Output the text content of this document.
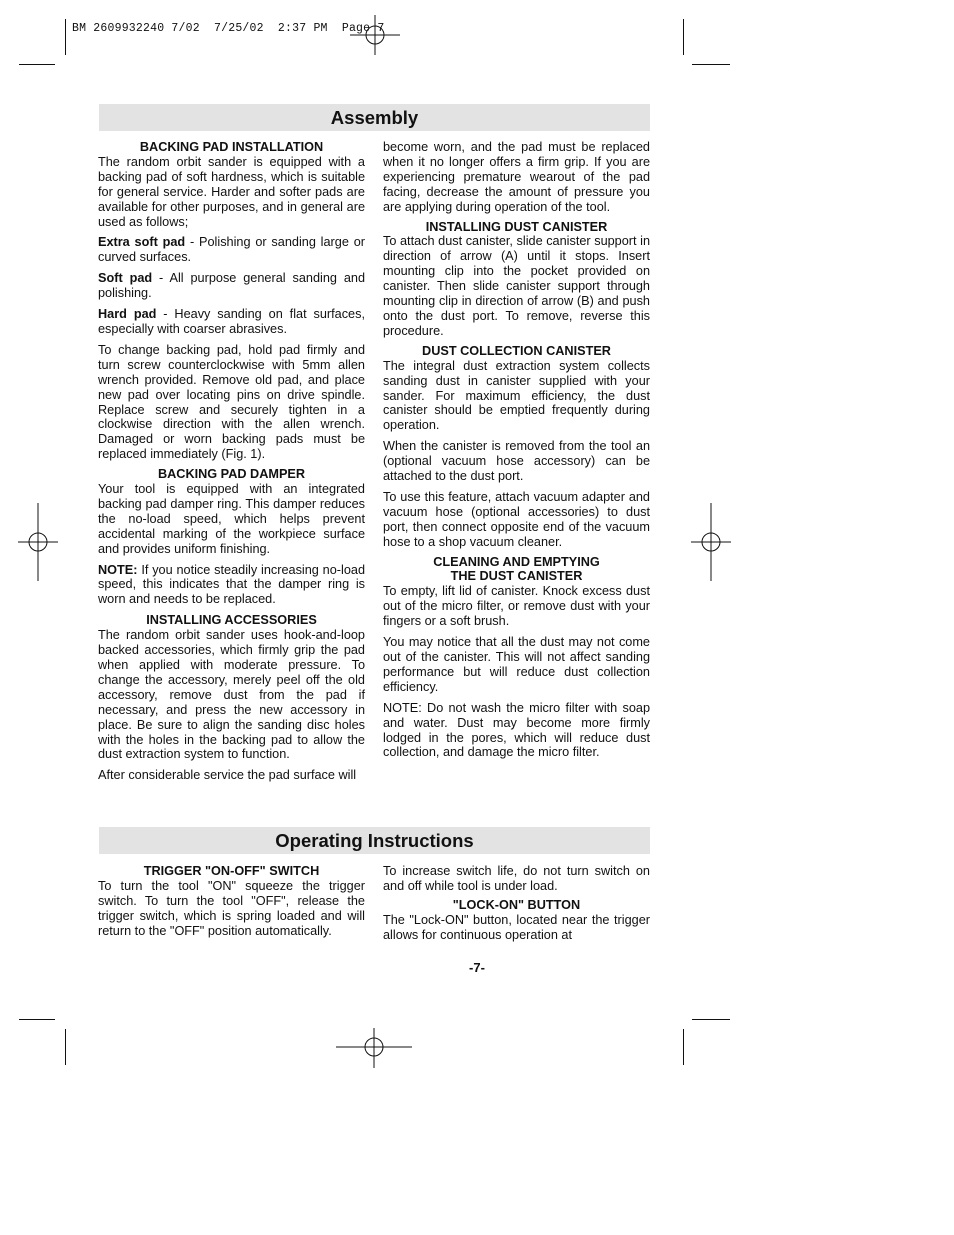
BM 2609932240 7/02  7/25/02  2:37 PM  Page 7
Assembly
BACKING PAD INSTALLATION

The random orbit sander is equipped with a backing pad of soft hardness, which is suitable for general service. Harder and softer pads are available for other purposes, and in general are used as follows;

Extra soft pad - Polishing or sanding large or curved surfaces.

Soft pad - All purpose general sanding and polishing.

Hard pad - Heavy sanding on flat surfaces, especially with coarser abrasives.

To change backing pad, hold pad firmly and turn screw counterclockwise with 5mm allen wrench provided. Remove old pad, and place new pad over locating pins on drive spindle. Replace screw and securely tighten in a clockwise direction with the allen wrench. Damaged or worn backing pads must be replaced immediately (Fig. 1).

BACKING PAD DAMPER

Your tool is equipped with an integrated backing pad damper ring. This damper reduces the no-load speed, which helps prevent accidental marking of the workpiece surface and provides uniform finishing.

NOTE: If you notice steadily increasing no-load speed, this indicates that the damper ring is worn and needs to be replaced.

INSTALLING ACCESSORIES

The random orbit sander uses hook-and-loop backed accessories, which firmly grip the pad when applied with moderate pressure. To change the accessory, merely peel off the old accessory, remove dust from the pad if necessary, and press the new accessory in place. Be sure to align the sanding disc holes with the holes in the backing pad to allow the dust extraction system to function.

After considerable service the pad surface will

become worn, and the pad must be replaced when it no longer offers a firm grip. If you are experiencing premature wearout of the pad facing, decrease the amount of pressure you are applying during operation of the tool.

INSTALLING DUST CANISTER

To attach dust canister, slide canister support in direction of arrow (A) until it stops. Insert mounting clip into the pocket provided on canister. Then slide canister support through mounting clip in direction of arrow (B) and push onto the dust port. To remove, reverse this procedure.

DUST COLLECTION CANISTER

The integral dust extraction system collects sanding dust in canister supplied with your sander. For maximum efficiency, the dust canister should be emptied frequently during operation.

When the canister is removed from the tool an (optional vacuum hose accessory) can be attached to the dust port.

To use this feature, attach vacuum adapter and vacuum hose (optional accessories) to dust port, then connect opposite end of the vacuum hose to a shop vacuum cleaner.

CLEANING AND EMPTYING
THE DUST CANISTER

To empty, lift lid of canister. Knock excess dust out of the micro filter, or remove dust with your fingers or a soft brush.

You may notice that all the dust may not come out of the canister. This will not affect sanding performance but will reduce dust collection efficiency.

NOTE: Do not wash the micro filter with soap and water. Dust may become more firmly lodged in the pores, which will reduce dust collection, and damage the micro filter.

Operating Instructions
TRIGGER "ON-OFF" SWITCH

To turn the tool "ON" squeeze the trigger switch. To turn the tool "OFF", release the trigger switch, which is spring loaded and will return to the "OFF" position automatically.

To increase switch life, do not turn switch on and off while tool is under load.

"LOCK-ON" BUTTON

The "Lock-ON" button, located near the trigger allows for continuous operation at

-7-
